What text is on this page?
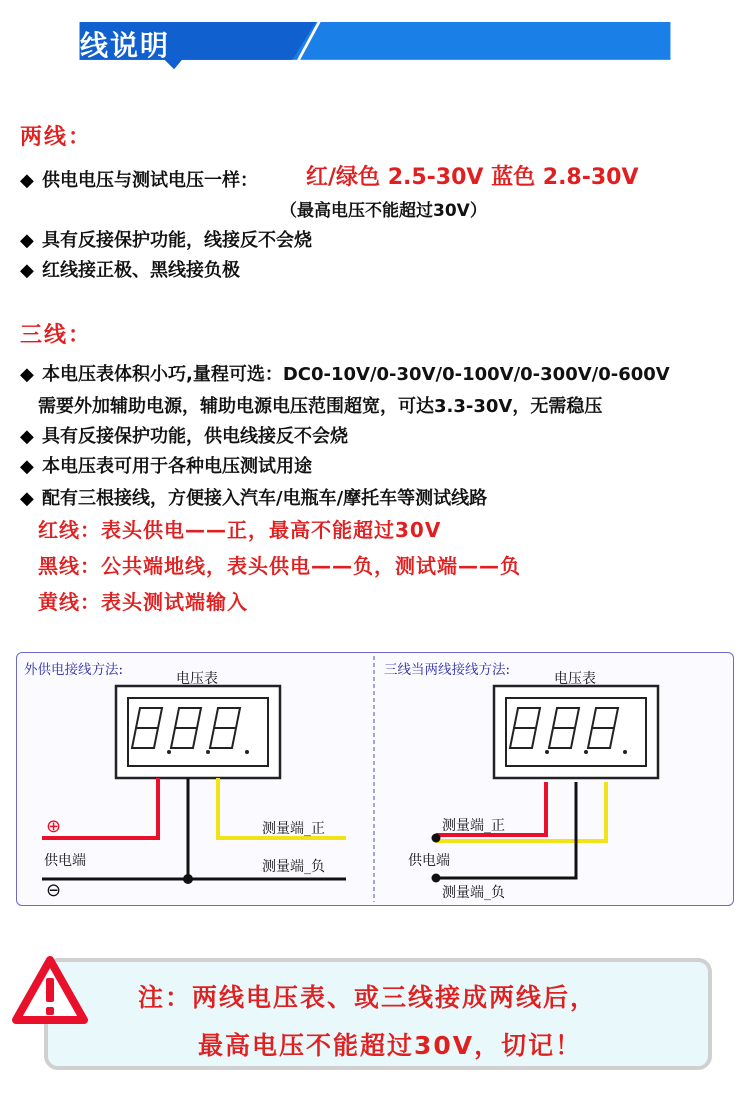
接线说明
两线：
◆ 供电电压与测试电压一样： 红/绿色 2.5-30V 蓝色 2.8-30V
（最高电压不能超过30V）
◆ 具有反接保护功能，线接反不会烧
◆ 红线接正极、黑线接负极
三线：
◆ 本电压表体积小巧,量程可选：DC0-10V/0-30V/0-100V/0-300V/0-600V
需要外加辅助电源，辅助电源电压范围超宽，可达3.3-30V，无需稳压
◆ 具有反接保护功能，供电线接反不会烧
◆ 本电压表可用于各种电压测试用途
◆ 配有三根接线，方便接入汽车/电瓶车/摩托车等测试线路
红线：表头供电——正，最高不能超过30V
黑线：公共端地线，表头供电——负，测试端——负
黄线：表头测试端输入
外供电接线方法:
电压表
⊕
供电端
⊖
测量端_正
测量端_负
三线当两线接线方法:
电压表
测量端_正
供电端
测量端_负
注：两线电压表、或三线接成两线后，
最高电压不能超过30V，切记！
